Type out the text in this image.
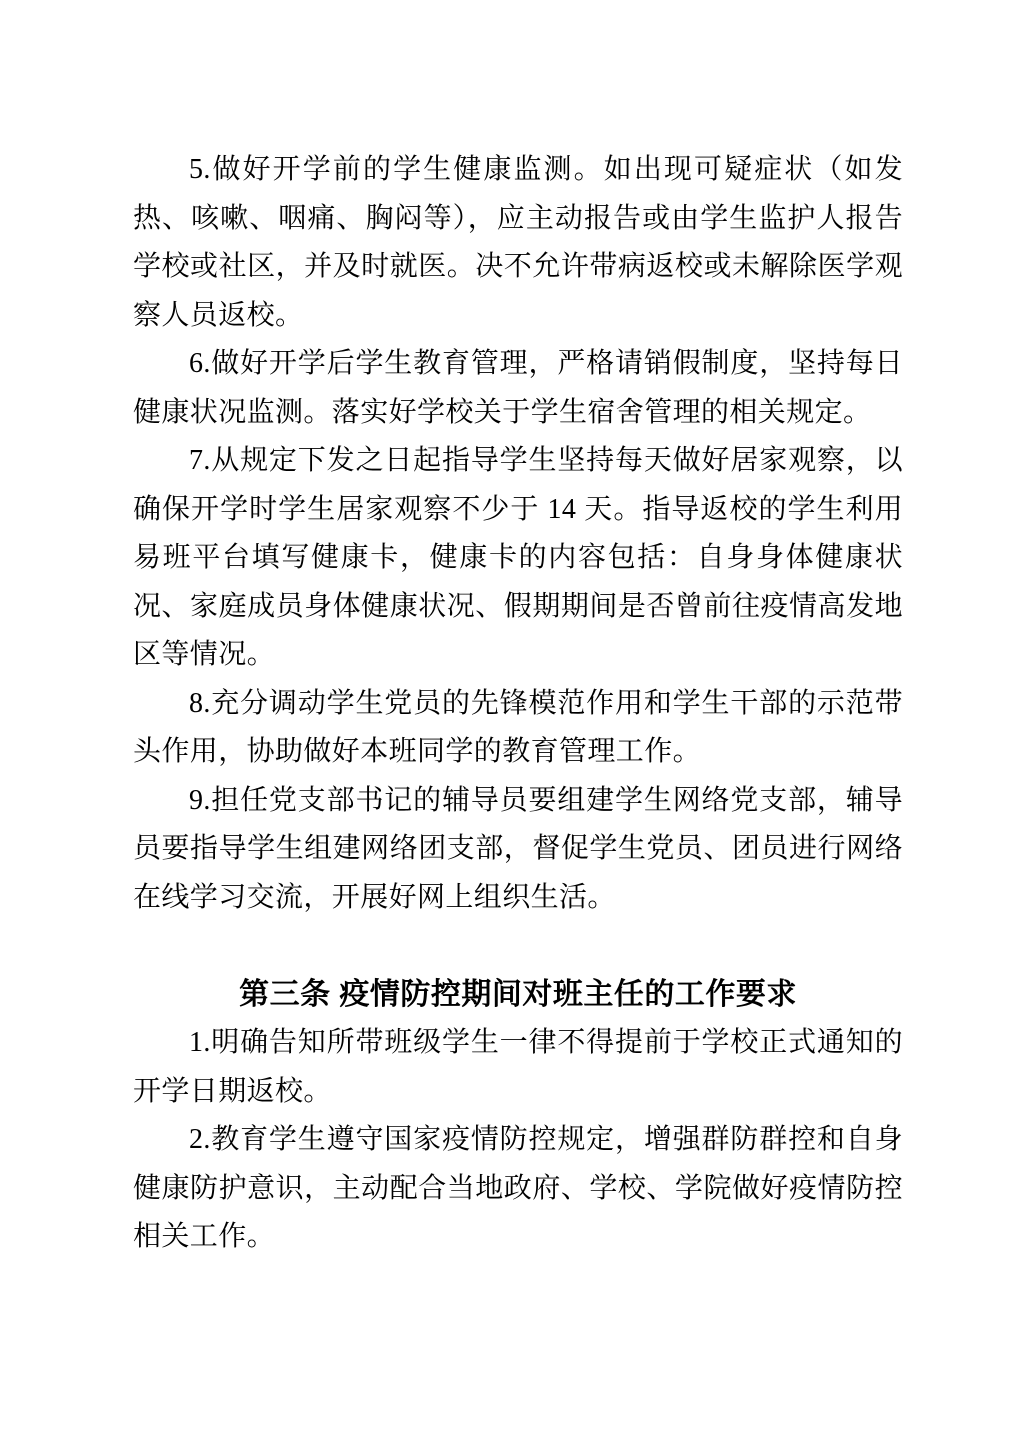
5.做好开学前的学生健康监测。如出现可疑症状（如发热、咳嗽、咽痛、胸闷等），应主动报告或由学生监护人报告学校或社区，并及时就医。决不允许带病返校或未解除医学观察人员返校。

6.做好开学后学生教育管理，严格请销假制度，坚持每日健康状况监测。落实好学校关于学生宿舍管理的相关规定。

7.从规定下发之日起指导学生坚持每天做好居家观察，以确保开学时学生居家观察不少于 14 天。指导返校的学生利用易班平台填写健康卡，健康卡的内容包括：自身身体健康状况、家庭成员身体健康状况、假期期间是否曾前往疫情高发地区等情况。

8.充分调动学生党员的先锋模范作用和学生干部的示范带头作用，协助做好本班同学的教育管理工作。

9.担任党支部书记的辅导员要组建学生网络党支部，辅导员要指导学生组建网络团支部，督促学生党员、团员进行网络在线学习交流，开展好网上组织生活。

第三条 疫情防控期间对班主任的工作要求

1.明确告知所带班级学生一律不得提前于学校正式通知的开学日期返校。

2.教育学生遵守国家疫情防控规定，增强群防群控和自身健康防护意识，主动配合当地政府、学校、学院做好疫情防控相关工作。
